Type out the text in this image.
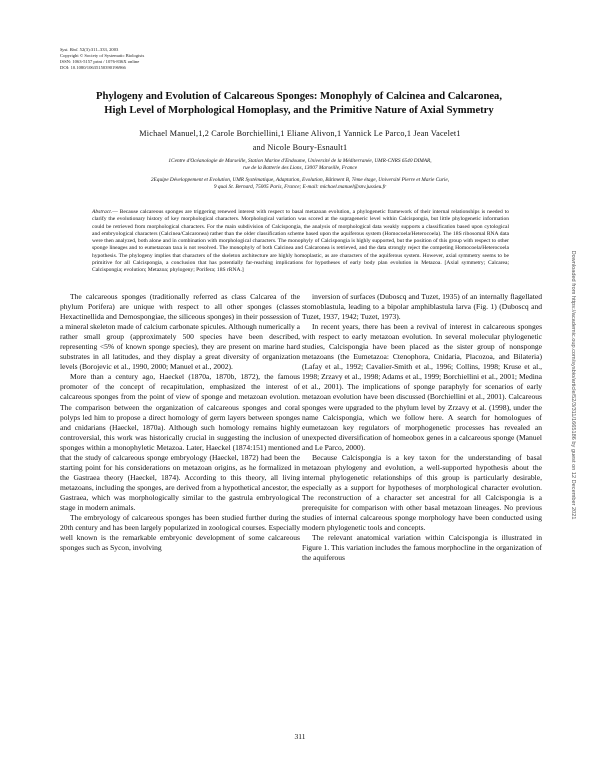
Syst. Biol. 52(3):311–333, 2003
Copyright © Society of Systematic Biologists
ISSN: 1063-5157 print / 1076-836X online
DOI: 10.1080/10635150390196966
Phylogeny and Evolution of Calcareous Sponges: Monophyly of Calcinea and Calcaronea,
High Level of Morphological Homoplasy, and the Primitive Nature of Axial Symmetry
Michael Manuel,1,2 Carole Borchiellini,1 Eliane Alivon,1 Yannick Le Parco,1 Jean Vacelet1
and Nicole Boury-Esnault1
1Centre d'Océanologie de Marseille, Station Marine d'Endoume, Université de la Méditerranée, UMR-CNRS 6540 DIMAR,
rue de la Batterie des Lions, 13007 Marseille, France
2Equipe Développement et Evolution, UMR Systématique, Adaptation, Evolution, Bâtiment B, 7ème étage, Université Pierre et Marie Curie,
9 quai St. Bernard, 75005 Paris, France; E-mail: michael.manuel@snv.jussieu.fr
Abstract.— Because calcareous sponges are triggering renewed interest with respect to basal metazoan evolution, a phylogenetic framework of their internal relationships is needed to clarify the evolutionary history of key morphological characters. Morphological variation was scored at the suprageneric level within Calcispongia, but little phylogenetic information could be retrieved from morphological characters. For the main subdivision of Calcispongia, the analysis of morphological data weakly supports a classification based upon cytological and embryological characters (Calcinea/Calcaronea) rather than the older classification scheme based upon the aquiferous system (Homocoela/Heterocoela). The 18S ribosomal RNA data were then analyzed, both alone and in combination with morphological characters. The monophyly of Calcispongia is highly supported, but the position of this group with respect to other sponge lineages and to eumetazoan taxa is not resolved. The monophyly of both Calcinea and Calcaronea is retrieved, and the data strongly reject the competing Homocoela/Heterocoela hypothesis. The phylogeny implies that characters of the skeleton architecture are highly homoplastic, as are characters of the aquiferous system. However, axial symmetry seems to be primitive for all Calcispongia, a conclusion that has potentially far-reaching implications for hypotheses of early body plan evolution in Metazoa. [Axial symmetry; Calcarea; Calcispongia; evolution; Metazoa; phylogeny; Porifera; 18S rRNA.]

The calcareous sponges (traditionally referred as class Calcarea of the phylum Porifera) are unique with respect to all other sponges (classes Hexactinellida and Demospongiae, the siliceous sponges) in their possession of a mineral skeleton made of calcium carbonate spicules. Although numerically a rather small group (approximately 500 species have been described, representing <5% of known sponge species), they are present on marine hard substrates in all latitudes, and they display a great diversity of organization levels (Borojevic et al., 1990, 2000; Manuel et al., 2002).

More than a century ago, Haeckel (1870a, 1870b, 1872), the famous promoter of the concept of recapitulation, emphasized the interest of calcareous sponges from the point of view of sponge and metazoan evolution. The comparison between the organization of calcareous sponges and coral polyps led him to propose a direct homology of germ layers between sponges and cnidarians (Haeckel, 1870a). Although such homology remains highly controversial, this work was historically crucial in suggesting the inclusion of sponges within a monophyletic Metazoa. Later, Haeckel (1874:151) mentioned that the study of calcareous sponge embryology (Haeckel, 1872) had been the starting point for his considerations on metazoan origins, as he formalized in the Gastraea theory (Haeckel, 1874). According to this theory, all living metazoans, including the sponges, are derived from a hypothetical ancestor, the Gastraea, which was morphologically similar to the gastrula embryological stage in modern animals.

The embryology of calcareous sponges has been studied further during the 20th century and has been largely popularized in zoological courses. Especially well known is the remarkable embryonic development of some calcareous sponges such as Sycon, involving

inversion of surfaces (Duboscq and Tuzet, 1935) of an internally flagellated stomoblastula, leading to a bipolar amphiblastula larva (Fig. 1) (Duboscq and Tuzet, 1937, 1942; Tuzet, 1973).

In recent years, there has been a revival of interest in calcareous sponges with respect to early metazoan evolution. In several molecular phylogenetic studies, Calcispongia have been placed as the sister group of nonsponge metazoans (the Eumetazoa: Ctenophora, Cnidaria, Placozoa, and Bilateria) (Lafay et al., 1992; Cavalier-Smith et al., 1996; Collins, 1998; Kruse et al., 1998; Zrzavy et al., 1998; Adams et al., 1999; Borchiellini et al., 2001; Medina et al., 2001). The implications of sponge paraphyly for scenarios of early metazoan evolution have been discussed (Borchiellini et al., 2001). Calcareous sponges were upgraded to the phylum level by Zrzavy et al. (1998), under the name Calcispongia, which we follow here. A search for homologues of eumetazoan key regulators of morphogenetic processes has revealed an unexpected diversification of homeobox genes in a calcareous sponge (Manuel and Le Parco, 2000).

Because Calcispongia is a key taxon for the understanding of basal metazoan phylogeny and evolution, a well-supported hypothesis about the internal phylogenetic relationships of this group is particularly desirable, especially as a support for hypotheses of morphological character evolution. The reconstruction of a character set ancestral for all Calcispongia is a prerequisite for comparison with other basal metazoan lineages. No previous studies of internal calcareous sponge morphology have been conducted using modern phylogenetic tools and concepts.

The relevant anatomical variation within Calcispongia is illustrated in Figure 1. This variation includes the famous morphocline in the organization of the aquiferous

311
Downloaded from https://academic.oup.com/sysbio/article/52/3/311/1665186 by guest on 12 December 2021
